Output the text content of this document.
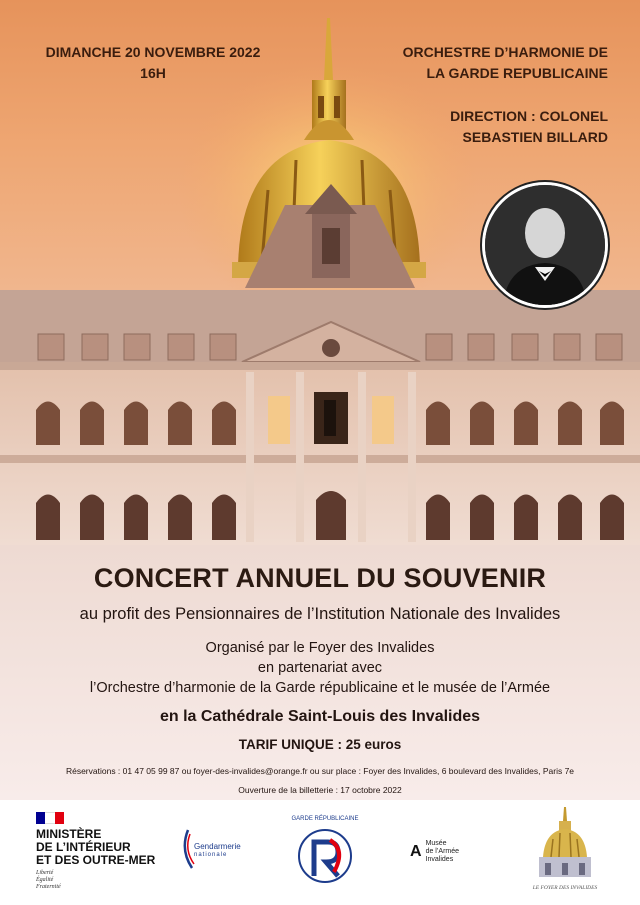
DIMANCHE 20 NOVEMBRE 2022
16H
ORCHESTRE D’HARMONIE DE
LA GARDE REPUBLICAINE
DIRECTION : COLONEL
SEBASTIEN BILLARD
CONCERT ANNUEL DU SOUVENIR
au profit des Pensionnaires de l’Institution Nationale des Invalides
Organisé par le Foyer des Invalides
en partenariat avec
l’Orchestre d’harmonie de la Garde républicaine et le musée de l’Armée
en la Cathédrale Saint-Louis des Invalides
TARIF UNIQUE : 25 euros
Réservations : 01 47 05 99 87 ou foyer-des-invalides@orange.fr ou sur place : Foyer des Invalides, 6 boulevard des Invalides, Paris 7e
Ouverture de la billetterie : 17 octobre 2022
MINISTÈRE
DE L’INTÉRIEUR
ET DES OUTRE-MER
Liberté
Égalité
Fraternité
Gendarmerie
nationale
GARDE RÉPUBLICAINE
A Musée
de l’Armée
Invalides
LE FOYER DES INVALIDES
